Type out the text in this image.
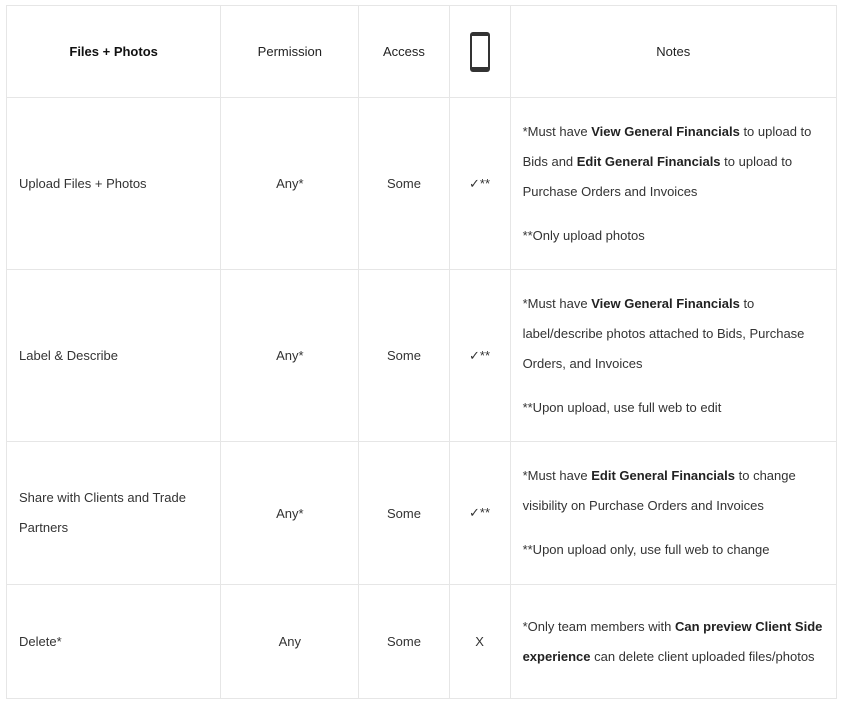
Files + Photos	Permission	Access		Notes
Upload Files + Photos	Any*	Some	✓**	*Must have View General Financials to upload to Bids and Edit General Financials to upload to Purchase Orders and Invoices

**Only upload photos

Label & Describe	Any*	Some	✓**	*Must have View General Financials to label/describe photos attached to Bids, Purchase Orders, and Invoices

**Upon upload, use full web to edit

Share with Clients and Trade Partners	Any*	Some	✓**	*Must have Edit General Financials to change visibility on Purchase Orders and Invoices

**Upon upload only, use full web to change

Delete*	Any	Some	X	*Only team members with Can preview Client Side experience can delete client uploaded files/photos
